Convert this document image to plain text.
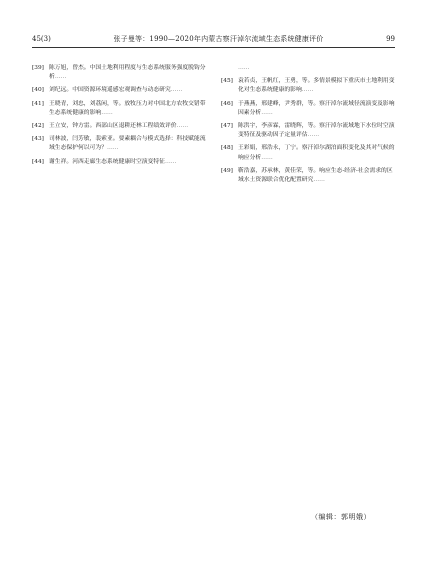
45(3)	张子曼等：1990—2020年内蒙古察汗淖尔流域生态系统健康评价	99
[39] 陈万旭，曾杰。中国土地利用程度与生态系统服务强度脱钩分析……
[40] 刘纪远。中国资源环境遥感宏观调查与动态研究……
[41] 王晓青，刘忠，刘荔闲，等。放牧压力对中国北方农牧交错带生态系统健康的影响……
[42] 王立安，钟方雷。西部山区退耕还林工程绩效评价……
[43] 司林波，闫芳敏，裴索亚。要素耦合与模式选择：科技赋能流域生态保护何以可为？……
[44] 谢生祥。河西走廊生态系统健康时空演变特征……
……
[45] 袁若贞，王帆红，王勇，等。多情景模拟下重庆市土地利用变化对生态系统健康的影响……
[46] 于燕燕，邢建峰，尹秀群，等。察汗淖尔流域径流演变及影响因素分析……
[47] 陈洪宇，李彦霖，雷晓辉，等。察汗淖尔流域地下水位时空演变特征及驱动因子定量评估……
[48] 王彩娟，邢浩永，丁宁。察汗淖尔湖泊面积变化及其对气候的响应分析……
[49] 靳浩嘉，苏承林，黄佳荣，等。响应生态-经济-社会需求的区域水土资源联合优化配置研究……
（编辑：郭明娥）
